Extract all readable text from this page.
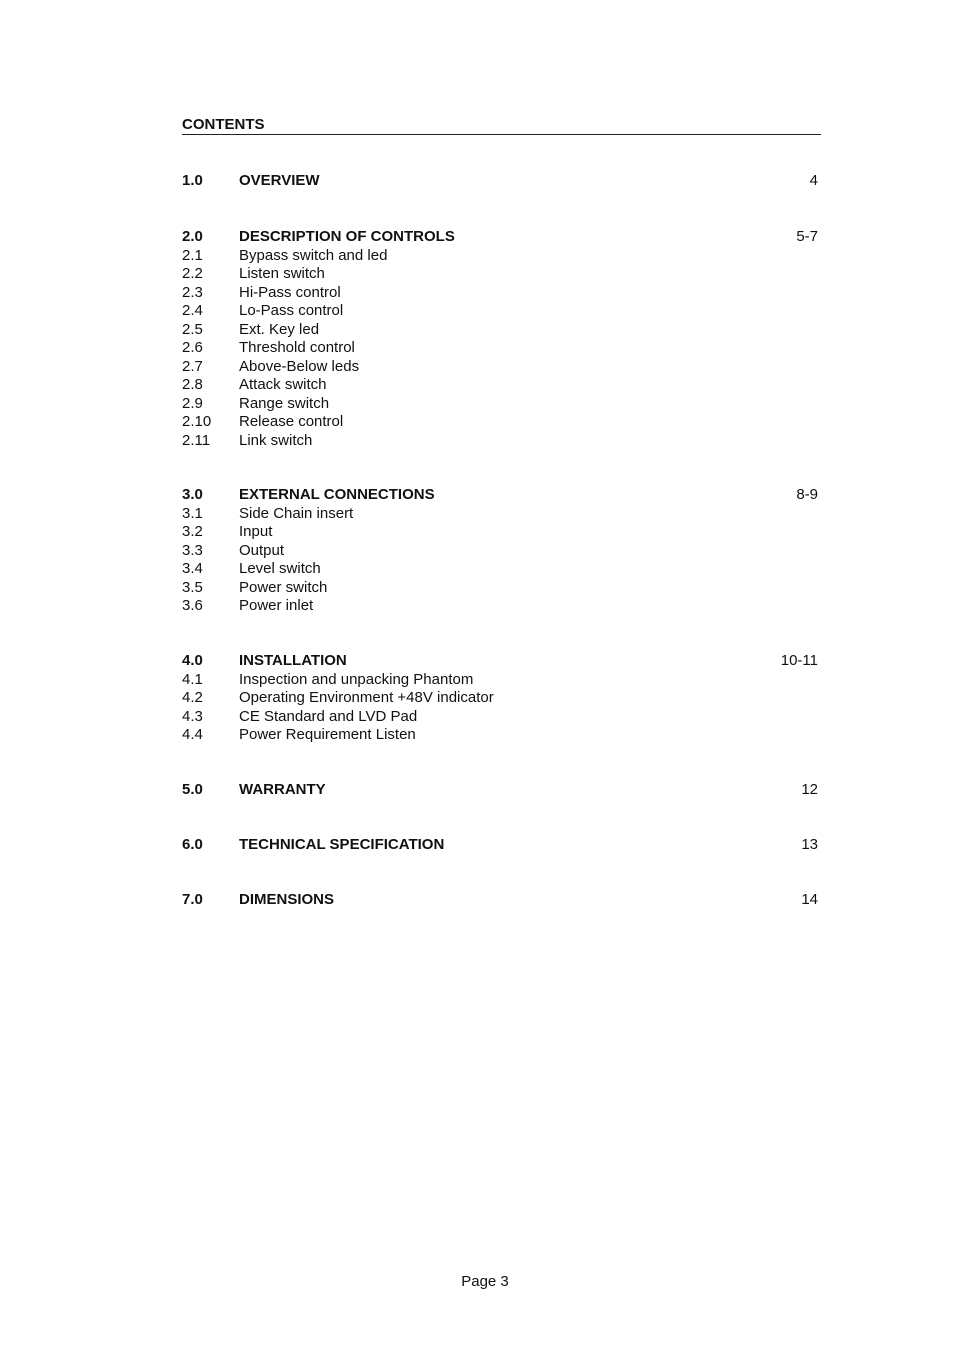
CONTENTS
1.0 OVERVIEW	4
2.0 DESCRIPTION OF CONTROLS	5-7
2.1 Bypass switch and led
2.2 Listen switch
2.3 Hi-Pass control
2.4 Lo-Pass control
2.5 Ext. Key led
2.6 Threshold control
2.7 Above-Below leds
2.8 Attack switch
2.9 Range switch
2.10 Release control
2.11 Link switch
3.0 EXTERNAL CONNECTIONS	8-9
3.1 Side Chain insert
3.2 Input
3.3 Output
3.4 Level switch
3.5 Power switch
3.6 Power inlet
4.0 INSTALLATION	10-11
4.1 Inspection and unpacking Phantom
4.2 Operating Environment +48V indicator
4.3 CE Standard and LVD Pad
4.4 Power Requirement Listen
5.0 WARRANTY	12
6.0 TECHNICAL SPECIFICATION	13
7.0 DIMENSIONS	14
Page 3
